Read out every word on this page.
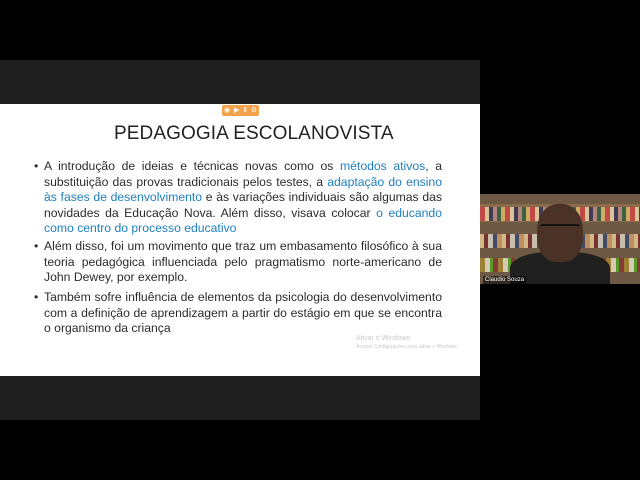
◉ ▶ Ⅱ ⚙
PEDAGOGIA ESCOLANOVISTA
• A introdução de ideias e técnicas novas como os métodos ativos, a substituição das provas tradicionais pelos testes, a adaptação do ensino às fases de desenvolvimento e às variações individuais são algumas das novidades da Educação Nova. Além disso, visava colocar o educando como centro do processo educativo
• Além disso, foi um movimento que traz um embasamento filosófico à sua teoria pedagógica influenciada pelo pragmatismo norte-americano de John Dewey, por exemplo.
• Também sofre influência de elementos da psicologia do desenvolvimento com a definição de aprendizagem a partir do estágio em que se encontra o organismo da criança
Ativar o Windows
Acesse Configurações para ativar o Windows.
Claudio Souza
